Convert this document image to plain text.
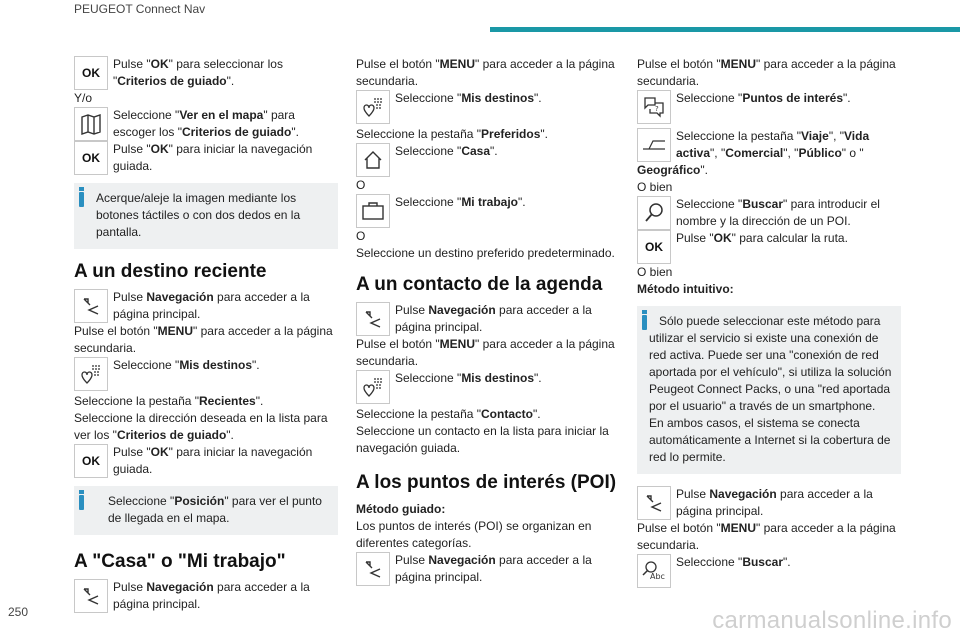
PEUGEOT Connect Nav
250	carmanualsonline.info
OK

Pulse "OK" para seleccionar los "Criterios de guiado".

Y/o

Seleccione "Ver en el mapa" para escoger los "Criterios de guiado".

OK

Pulse "OK" para iniciar la navegación guiada.

Acerque/aleje la imagen mediante los botones táctiles o con dos dedos en la pantalla.

A un destino reciente

Pulse Navegación para acceder a la página principal.

Pulse el botón "MENU" para acceder a la página secundaria.

Seleccione "Mis destinos".

Seleccione la pestaña "Recientes".

Seleccione la dirección deseada en la lista para ver los "Criterios de guiado".

OK

Pulse "OK" para iniciar la navegación guiada.

Seleccione "Posición" para ver el punto de llegada en el mapa.

A "Casa" o "Mi trabajo"

Pulse Navegación para acceder a la página principal.

Pulse el botón "MENU" para acceder a la página secundaria.

Seleccione "Mis destinos".

Seleccione la pestaña "Preferidos".

Seleccione "Casa".

O

Seleccione "Mi trabajo".

O

Seleccione un destino preferido predeterminado.

A un contacto de la agenda

Pulse Navegación para acceder a la página principal.

Pulse el botón "MENU" para acceder a la página secundaria.

Seleccione "Mis destinos".

Seleccione la pestaña "Contacto".

Seleccione un contacto en la lista para iniciar la navegación guiada.

A los puntos de interés (POI)

Método guiado:

Los puntos de interés (POI) se organizan en diferentes categorías.

Pulse Navegación para acceder a la página principal.

Pulse el botón "MENU" para acceder a la página secundaria.

?

Seleccione "Puntos de interés".

Seleccione la pestaña "Viaje", "Vida activa", "Comercial", "Público" o "

Geográfico".

O bien

Seleccione "Buscar" para introducir el nombre y la dirección de un POI.

OK

Pulse "OK" para calcular la ruta.

O bien

Método intuitivo:

Sólo puede seleccionar este método para utilizar el servicio si existe una conexión de red activa. Puede ser una "conexión de red aportada por el vehículo", si utiliza la solución Peugeot Connect Packs, o una "red aportada por el usuario" a través de un smartphone.

En ambos casos, el sistema se conecta automáticamente a Internet si la cobertura de red lo permite.

Pulse Navegación para acceder a la página principal.

Pulse el botón "MENU" para acceder a la página secundaria.

Abc

Seleccione "Buscar".
